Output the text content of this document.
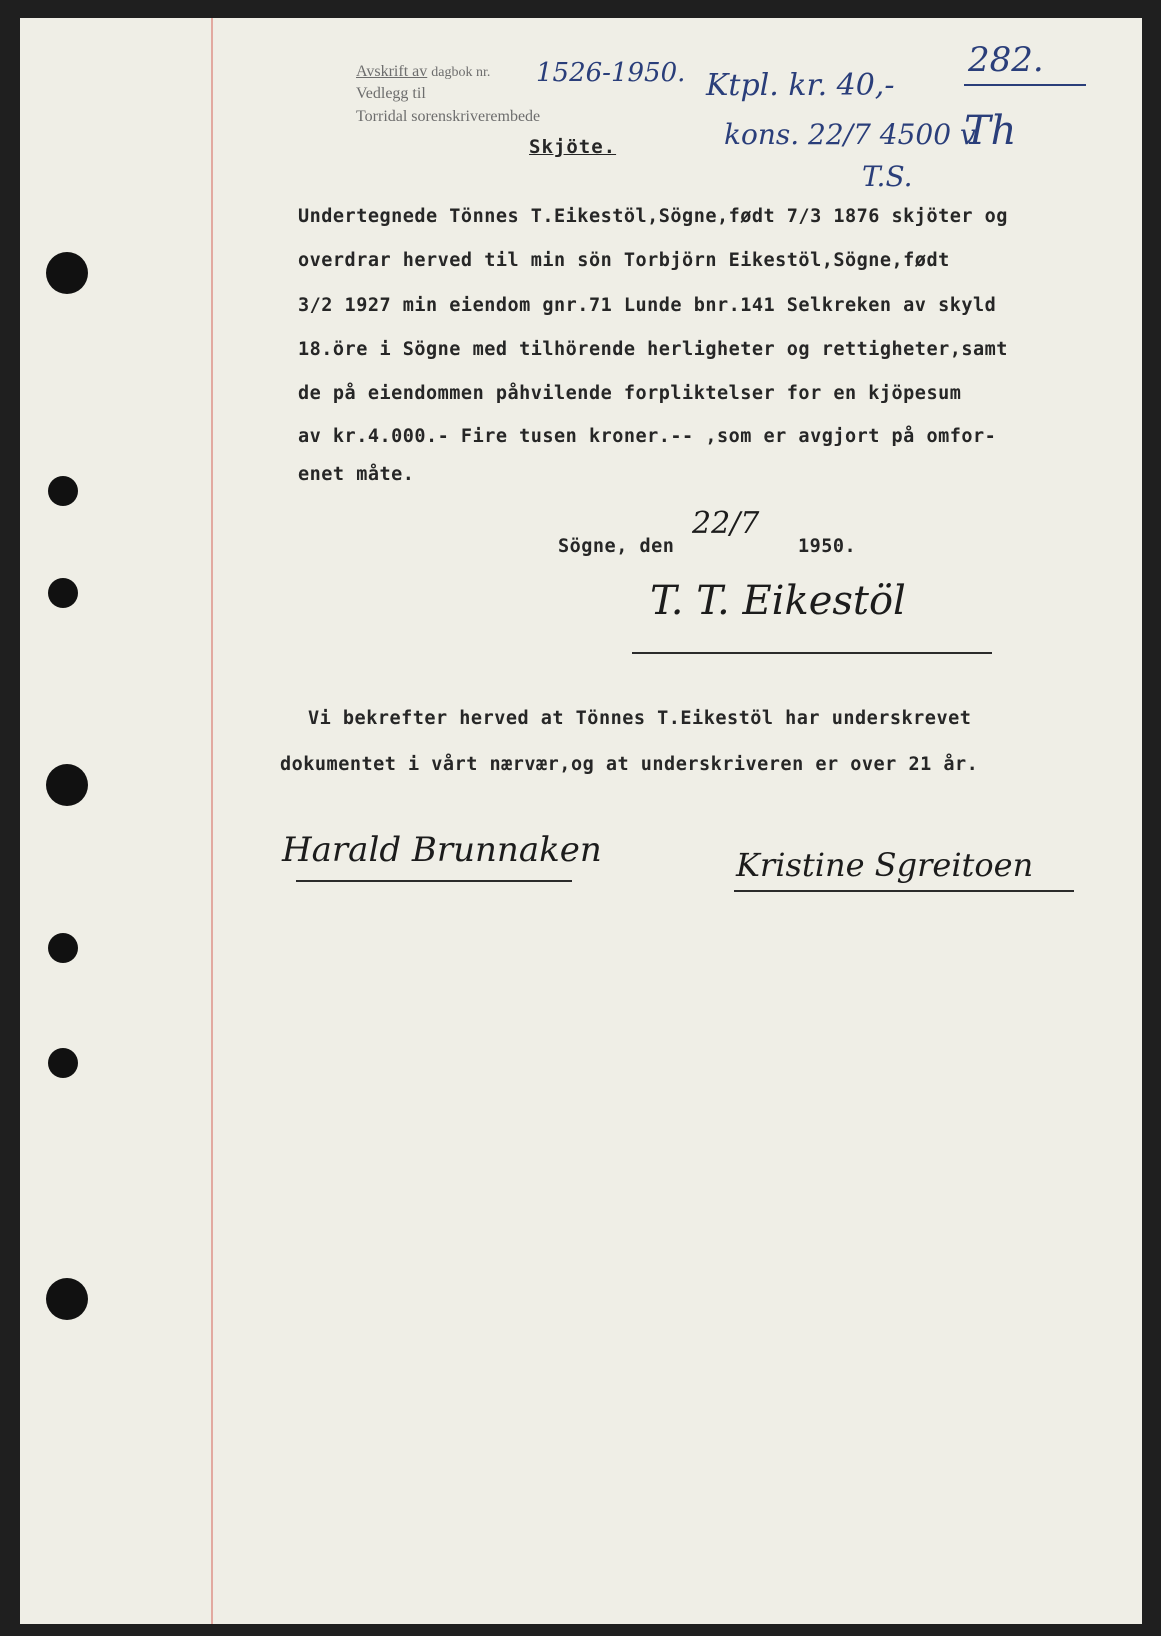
Avskrift av dagbok nr.
Vedlegg til
Torridal sorenskriverembede
1526-1950.	282.
Ktpl. kr. 40,-
kons. 22/7 4500 v
Th
T.S.
Skjöte.
Undertegnede Tönnes T.Eikestöl,Sögne,født 7/3 1876 skjöter og
overdrar herved til min sön Torbjörn Eikestöl,Sögne,født
3/2 1927 min eiendom gnr.71 Lunde bnr.141 Selkreken av skyld
18.öre i Sögne med tilhörende herligheter og rettigheter,samt
de på eiendommen påhvilende forpliktelser for en kjöpesum
av kr.4.000.- Fire tusen kroner.-- ,som er avgjort på omfor-
enet måte.
Sögne, den
22/7
1950.
T. T. Eikestöl
Vi bekrefter herved at Tönnes T.Eikestöl har underskrevet
dokumentet i vårt nærvær,og at underskriveren er over 21 år.
Harald Brunnaken	Kristine Sgreitoen
